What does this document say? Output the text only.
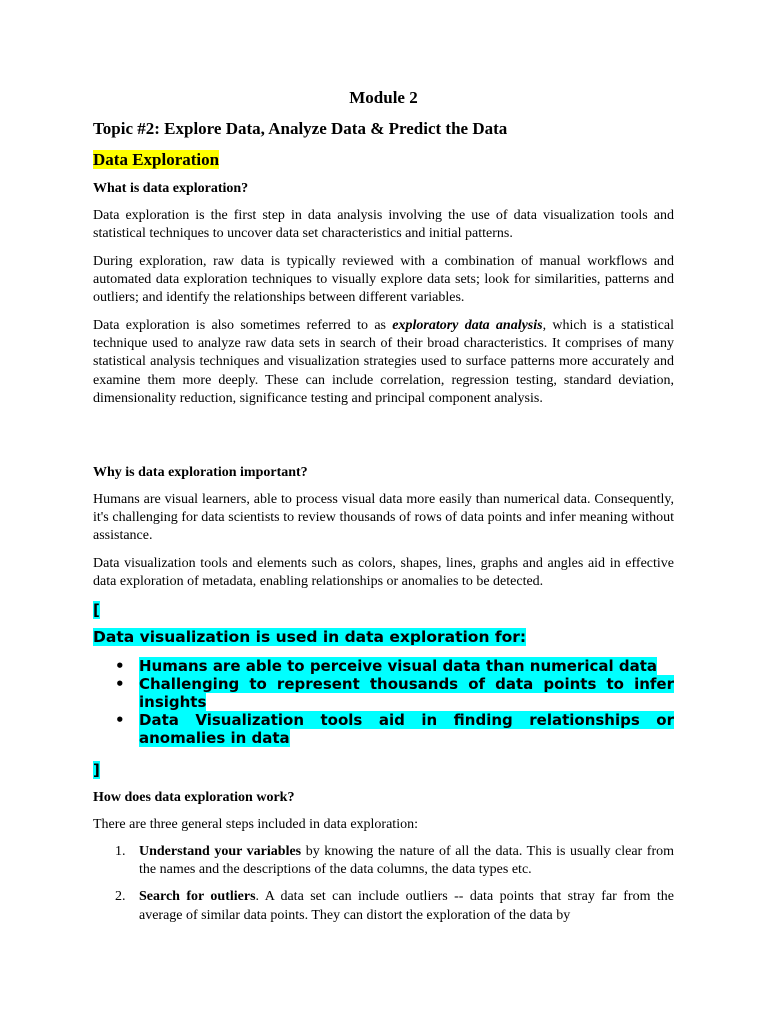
Module 2
Topic #2: Explore Data, Analyze Data & Predict the Data
Data Exploration
What is data exploration?
Data exploration is the first step in data analysis involving the use of data visualization tools and statistical techniques to uncover data set characteristics and initial patterns.
During exploration, raw data is typically reviewed with a combination of manual workflows and automated data exploration techniques to visually explore data sets; look for similarities, patterns and outliers; and identify the relationships between different variables.
Data exploration is also sometimes referred to as exploratory data analysis, which is a statistical technique used to analyze raw data sets in search of their broad characteristics. It comprises of many statistical analysis techniques and visualization strategies used to surface patterns more accurately and examine them more deeply. These can include correlation, regression testing, standard deviation, dimensionality reduction, significance testing and principal component analysis.
Why is data exploration important?
Humans are visual learners, able to process visual data more easily than numerical data. Consequently, it's challenging for data scientists to review thousands of rows of data points and infer meaning without assistance.
Data visualization tools and elements such as colors, shapes, lines, graphs and angles aid in effective data exploration of metadata, enabling relationships or anomalies to be detected.
[
Data visualization is used in data exploration for:
• Humans are able to perceive visual data than numerical data
• Challenging to represent thousands of data points to infer insights
• Data Visualization tools aid in finding relationships or anomalies in data
]
How does data exploration work?
There are three general steps included in data exploration:
1. Understand your variables by knowing the nature of all the data. This is usually clear from the names and the descriptions of the data columns, the data types etc.
2. Search for outliers. A data set can include outliers -- data points that stray far from the average of similar data points. They can distort the exploration of the data by
